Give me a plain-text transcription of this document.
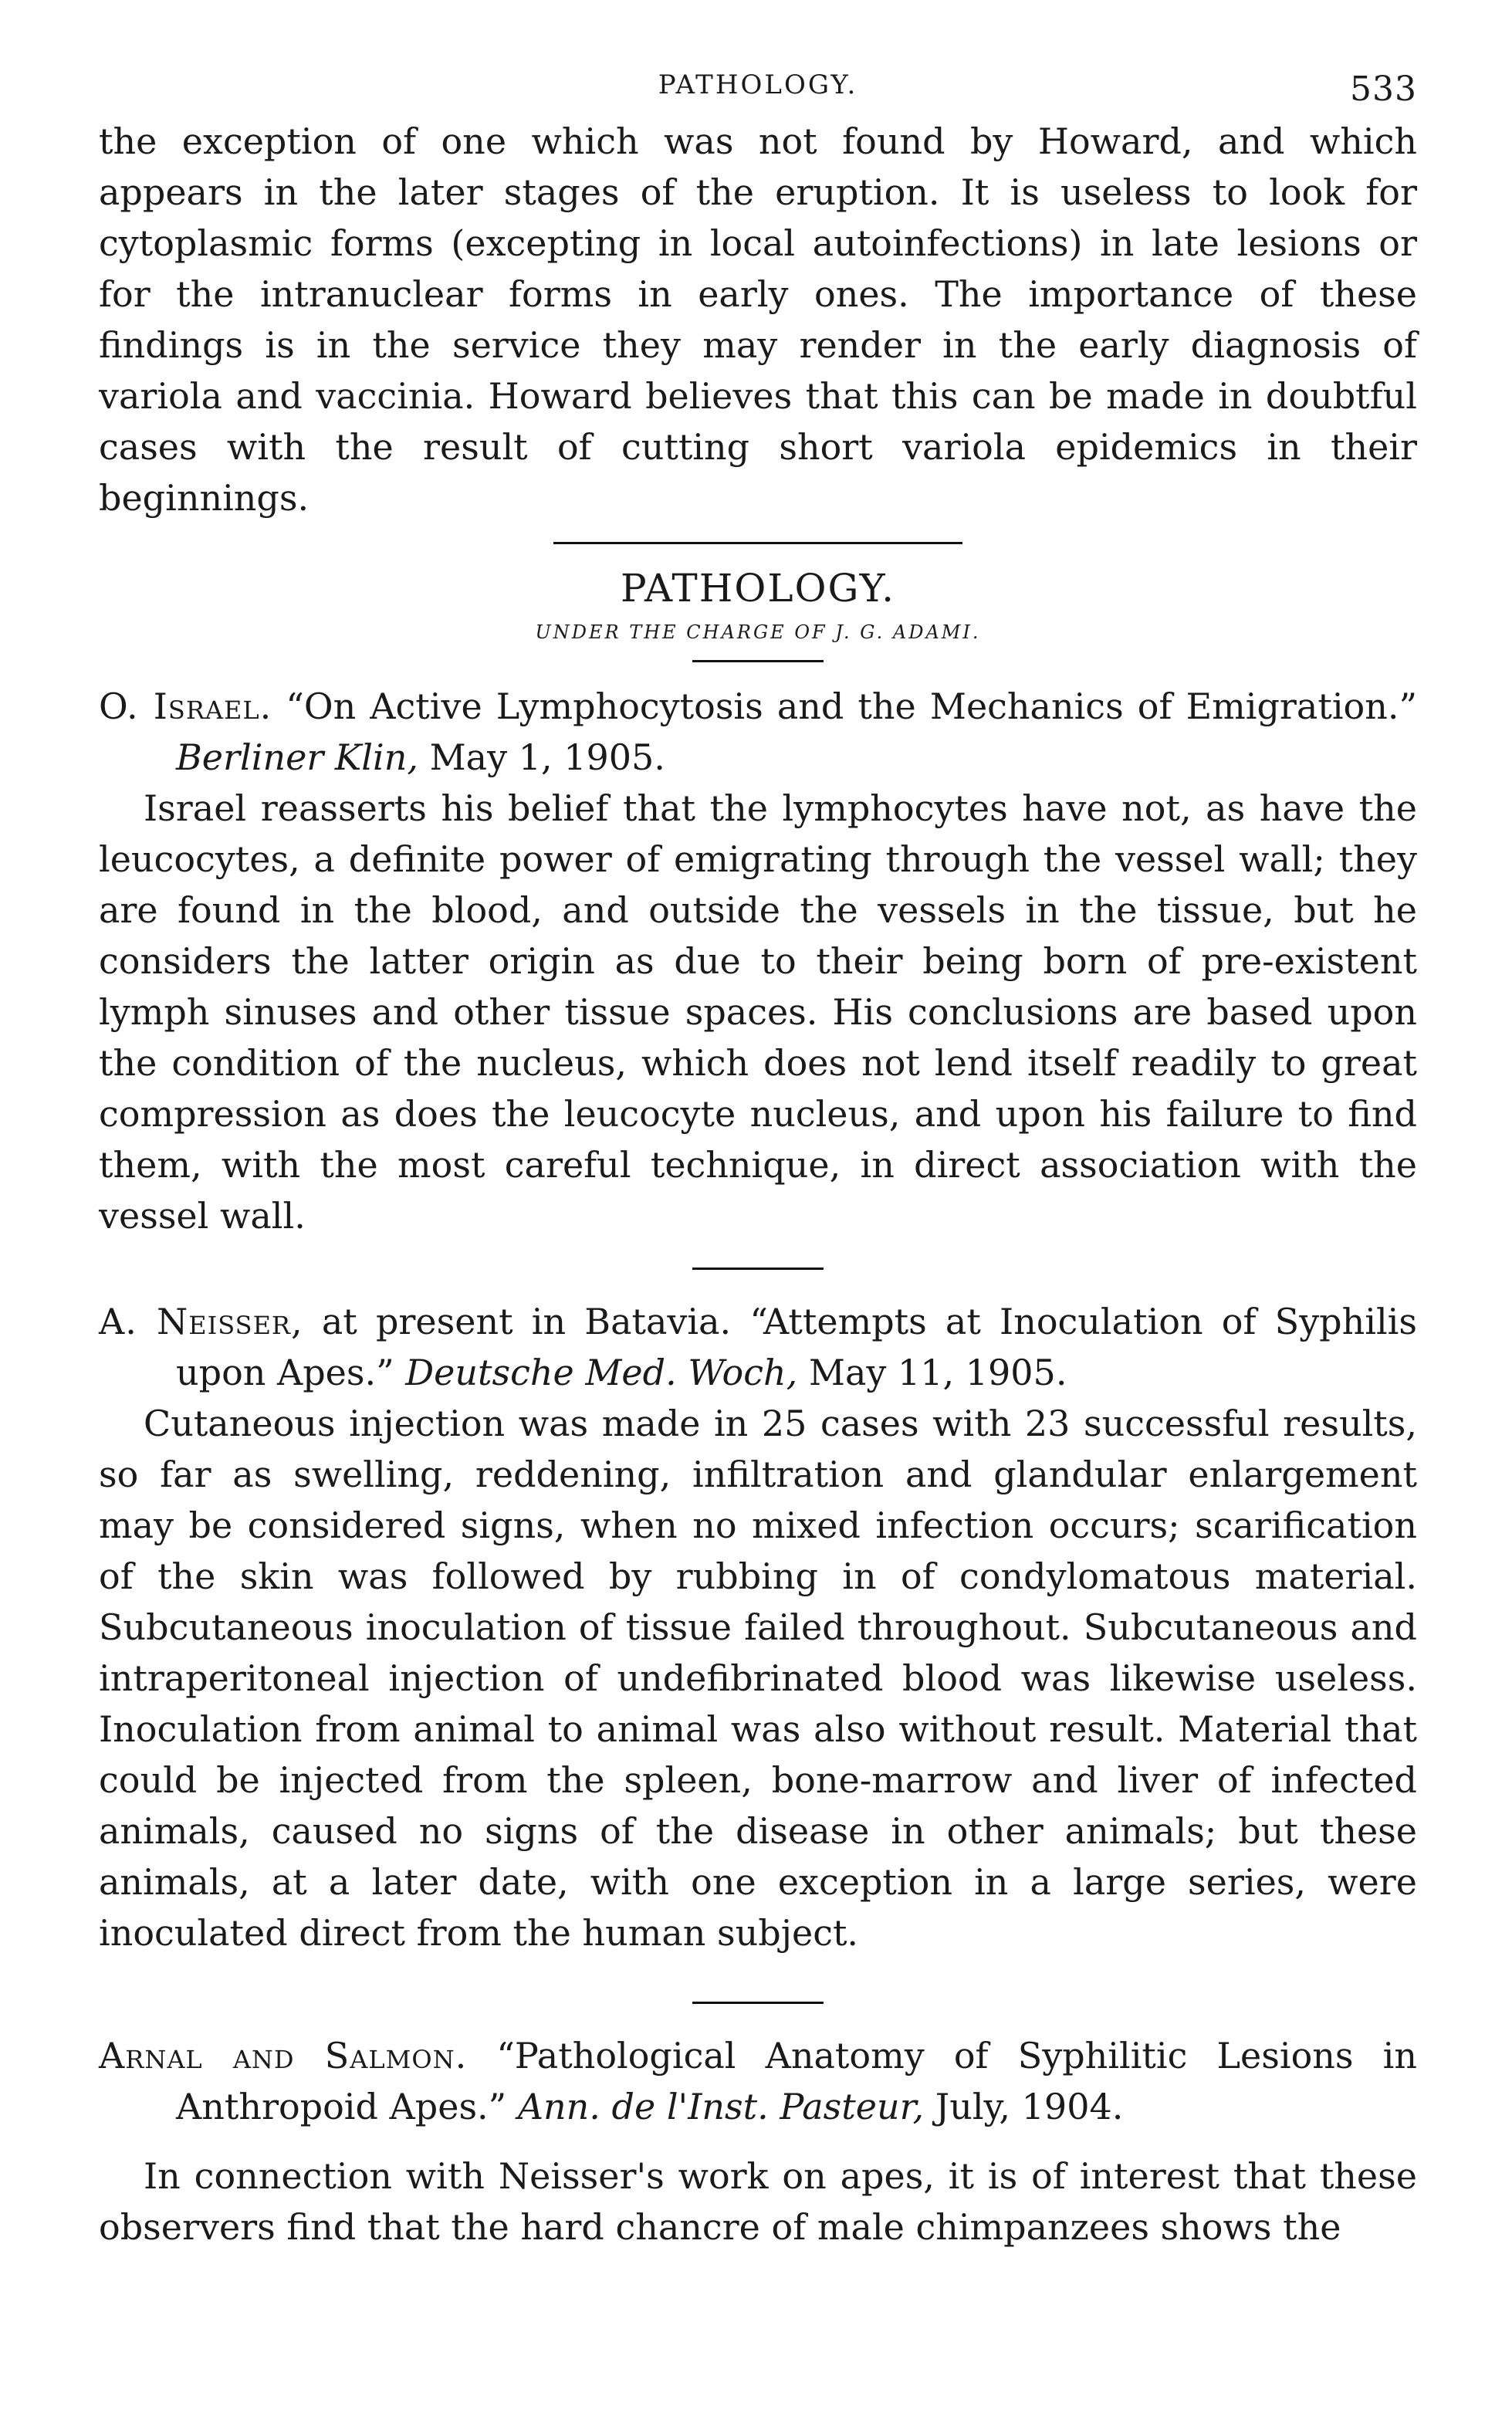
PATHOLOGY.	533

the exception of one which was not found by Howard, and which appears in the later stages of the eruption. It is useless to look for cytoplasmic forms (excepting in local autoinfections) in late lesions or for the intranuclear forms in early ones. The importance of these findings is in the service they may render in the early diagnosis of variola and vaccinia. Howard believes that this can be made in doubtful cases with the result of cutting short variola epidemics in their beginnings.

PATHOLOGY.
UNDER THE CHARGE OF J. G. ADAMI.
O. Israel. “On Active Lymphocytosis and the Mechanics of Emigration.” Berliner Klin, May 1, 1905.

Israel reasserts his belief that the lymphocytes have not, as have the leucocytes, a definite power of emigrating through the vessel wall; they are found in the blood, and outside the vessels in the tissue, but he considers the latter origin as due to their being born of pre-existent lymph sinuses and other tissue spaces. His conclusions are based upon the condition of the nucleus, which does not lend itself readily to great compression as does the leucocyte nucleus, and upon his failure to find them, with the most careful technique, in direct association with the vessel wall.

A. Neisser, at present in Batavia. “Attempts at Inoculation of Syphilis upon Apes.” Deutsche Med. Woch, May 11, 1905.

Cutaneous injection was made in 25 cases with 23 successful results, so far as swelling, reddening, infiltration and glandular enlargement may be considered signs, when no mixed infection occurs; scarification of the skin was followed by rubbing in of condylomatous material. Subcutaneous inoculation of tissue failed throughout. Subcutaneous and intraperitoneal injection of undefibrinated blood was likewise useless. Inoculation from animal to animal was also without result. Material that could be injected from the spleen, bone-marrow and liver of infected animals, caused no signs of the disease in other animals; but these animals, at a later date, with one exception in a large series, were inoculated direct from the human subject.

Arnal and Salmon. “Pathological Anatomy of Syphilitic Lesions in Anthropoid Apes.” Ann. de l'Inst. Pasteur, July, 1904.

In connection with Neisser's work on apes, it is of interest that these observers find that the hard chancre of male chimpanzees shows the
